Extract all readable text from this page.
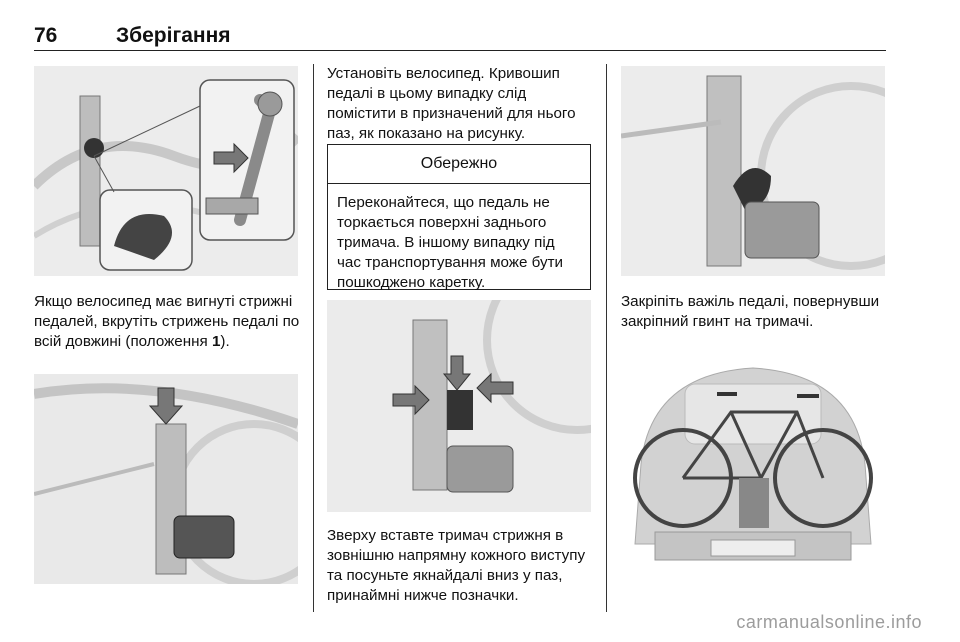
76	Зберігання

Якщо велосипед має вигнуті стрижні педалей, вкрутіть стрижень педалі по всій довжині (положення 1).

Установіть велосипед. Кривошип педалі в цьому випадку слід помістити в призначений для нього паз, як показано на рисунку.

Обережно

Переконайтеся, що педаль не торкається поверхні заднього тримача. В іншому випадку під час транспортування може бути пошкоджено каретку.

Зверху вставте тримач стрижня в зовнішню напрямну кожного виступу та посуньте якнайдалі вниз у паз, принаймні нижче позначки.

Закріпіть важіль педалі, повернувши закріпний гвинт на тримачі.

carmanualsonline.info
